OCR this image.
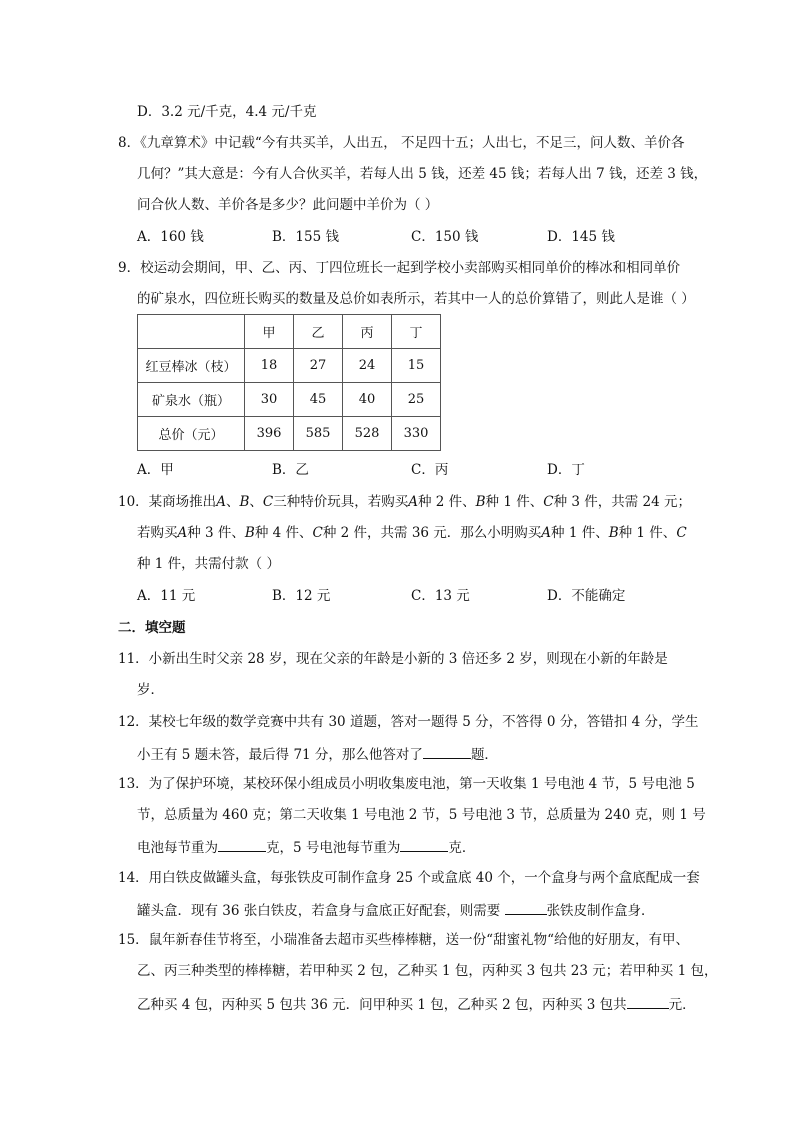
D．3.2 元/千克，4.4 元/千克
8．《九章算术》中记载“今有共买羊，人出五， 不足四十五；人出七，不足三，问人数、羊价各
几何？”其大意是：今有人合伙买羊，若每人出 5 钱，还差 45 钱；若每人出 7 钱，还差 3 钱，
问合伙人数、羊价各是多少？此问题中羊价为（ ）
A．160 钱	B．155 钱	C．150 钱	D．145 钱
9．校运动会期间，甲、乙、丙、丁四位班长一起到学校小卖部购买相同单价的棒冰和相同单价
的矿泉水，四位班长购买的数量及总价如表所示，若其中一人的总价算错了，则此人是谁（ ）
	甲	乙	丙	丁
红豆棒冰（枝）	18	27	24	15
矿泉水（瓶）	30	45	40	25
总价（元）	396	585	528	330
A．甲	B．乙	C．丙	D．丁
10．某商场推出A、B、C三种特价玩具，若购买A种 2 件、B种 1 件、C种 3 件，共需 24 元；
若购买A种 3 件、B种 4 件、C种 2 件，共需 36 元．那么小明购买A种 1 件、B种 1 件、C
种 1 件，共需付款（ ）
A．11 元	B．12 元	C．13 元	D．不能确定
二．填空题
11．小新出生时父亲 28 岁，现在父亲的年龄是小新的 3 倍还多 2 岁，则现在小新的年龄是
岁．
12．某校七年级的数学竞赛中共有 30 道题，答对一题得 5 分，不答得 0 分，答错扣 4 分，学生
小王有 5 题未答，最后得 71 分，那么他答对了	题．
13．为了保护环境，某校环保小组成员小明收集废电池，第一天收集 1 号电池 4 节，5 号电池 5
节，总质量为 460 克；第二天收集 1 号电池 2 节，5 号电池 3 节，总质量为 240 克，则 1 号
电池每节重为	克，5 号电池每节重为	克．
14．用白铁皮做罐头盒，每张铁皮可制作盒身 25 个或盒底 40 个，一个盒身与两个盒底配成一套
罐头盒．现有 36 张白铁皮，若盒身与盒底正好配套，则需要	张铁皮制作盒身．
15．鼠年新春佳节将至，小瑞准备去超市买些棒棒糖，送一份“甜蜜礼物“给他的好朋友，有甲、
乙、丙三种类型的棒棒糖，若甲种买 2 包，乙种买 1 包，丙种买 3 包共 23 元；若甲种买 1 包，
乙种买 4 包，丙种买 5 包共 36 元．问甲种买 1 包，乙种买 2 包，丙种买 3 包共	元．
